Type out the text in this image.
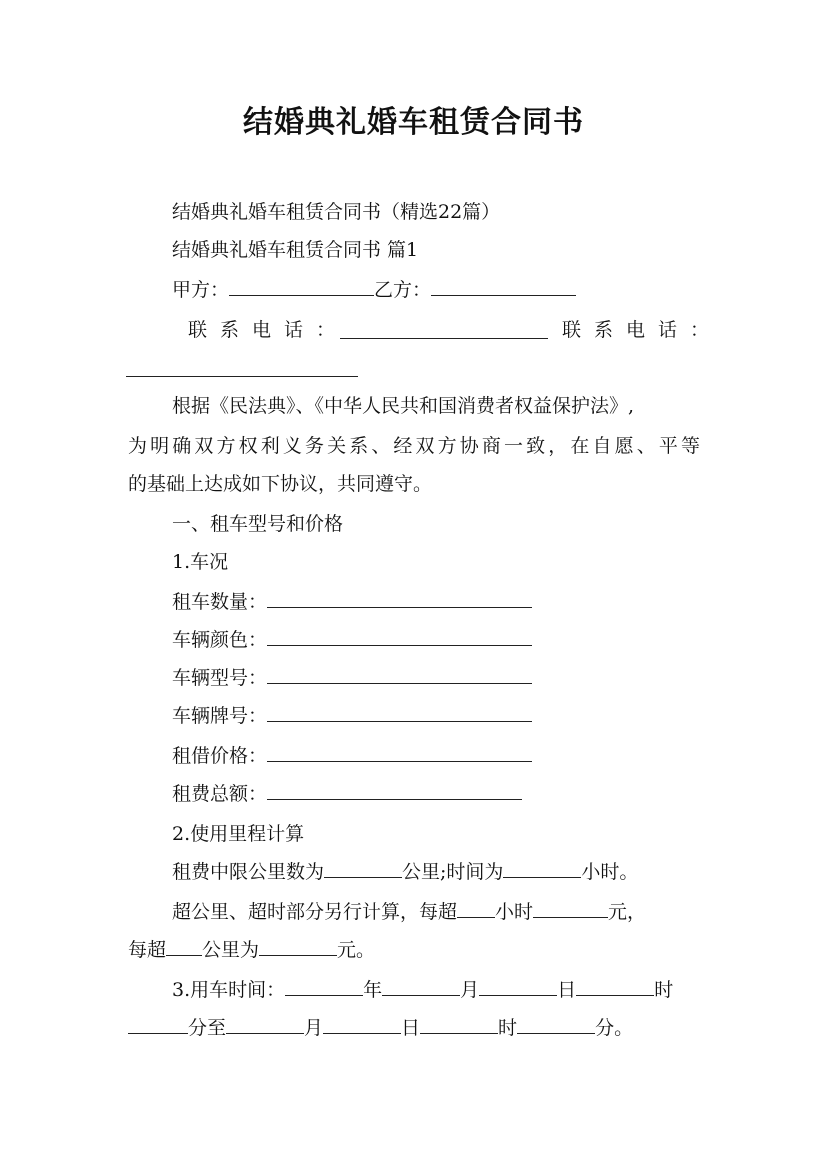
结婚典礼婚车租赁合同书
结婚典礼婚车租赁合同书（精选22篇）
结婚典礼婚车租赁合同书 篇1
甲方：	乙方：
联系电话：	联系电话：
根据《民法典》、《中华人民共和国消费者权益保护法》,
为明确双方权利义务关系、经双方协商一致，在自愿、平等
的基础上达成如下协议，共同遵守。
一、租车型号和价格
1.车况
租车数量：
车辆颜色：
车辆型号：
车辆牌号：
租借价格：
租费总额：
2.使用里程计算
租费中限公里数为	公里;时间为	小时。
超公里、超时部分另行计算，每超 小时	元，
每超 公里为	元。
3.用车时间：	年	月	日	时
分至	月	日	时	分。
